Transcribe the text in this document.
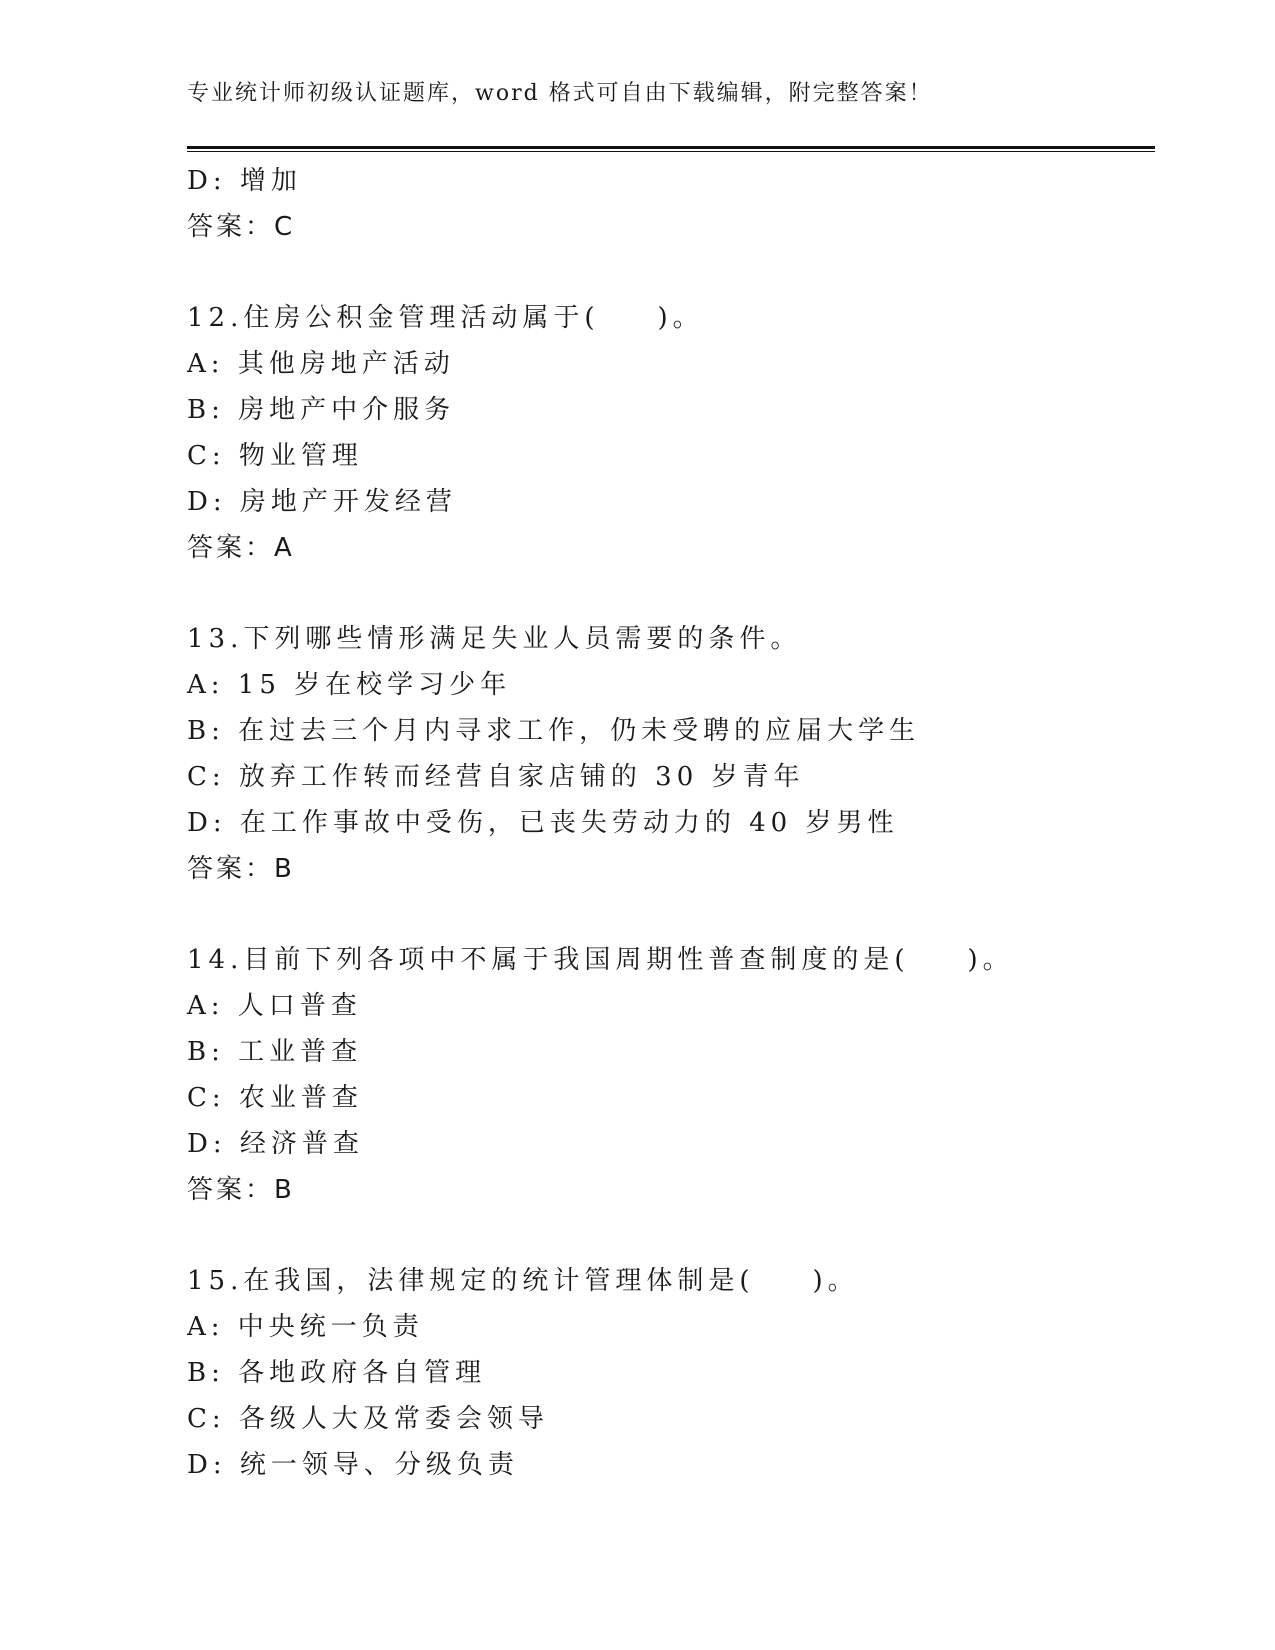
专业统计师初级认证题库，word 格式可自由下载编辑，附完整答案！
D: 增加
答案：C
12.住房公积金管理活动属于( )。
A: 其他房地产活动
B: 房地产中介服务
C: 物业管理
D: 房地产开发经营
答案：A
13.下列哪些情形满足失业人员需要的条件。
A: 15 岁在校学习少年
B: 在过去三个月内寻求工作，仍未受聘的应届大学生
C: 放弃工作转而经营自家店铺的 30 岁青年
D: 在工作事故中受伤，已丧失劳动力的 40 岁男性
答案：B
14.目前下列各项中不属于我国周期性普查制度的是( )。
A: 人口普查
B: 工业普查
C: 农业普查
D: 经济普查
答案：B
15.在我国，法律规定的统计管理体制是( )。
A: 中央统一负责
B: 各地政府各自管理
C: 各级人大及常委会领导
D: 统一领导、分级负责
